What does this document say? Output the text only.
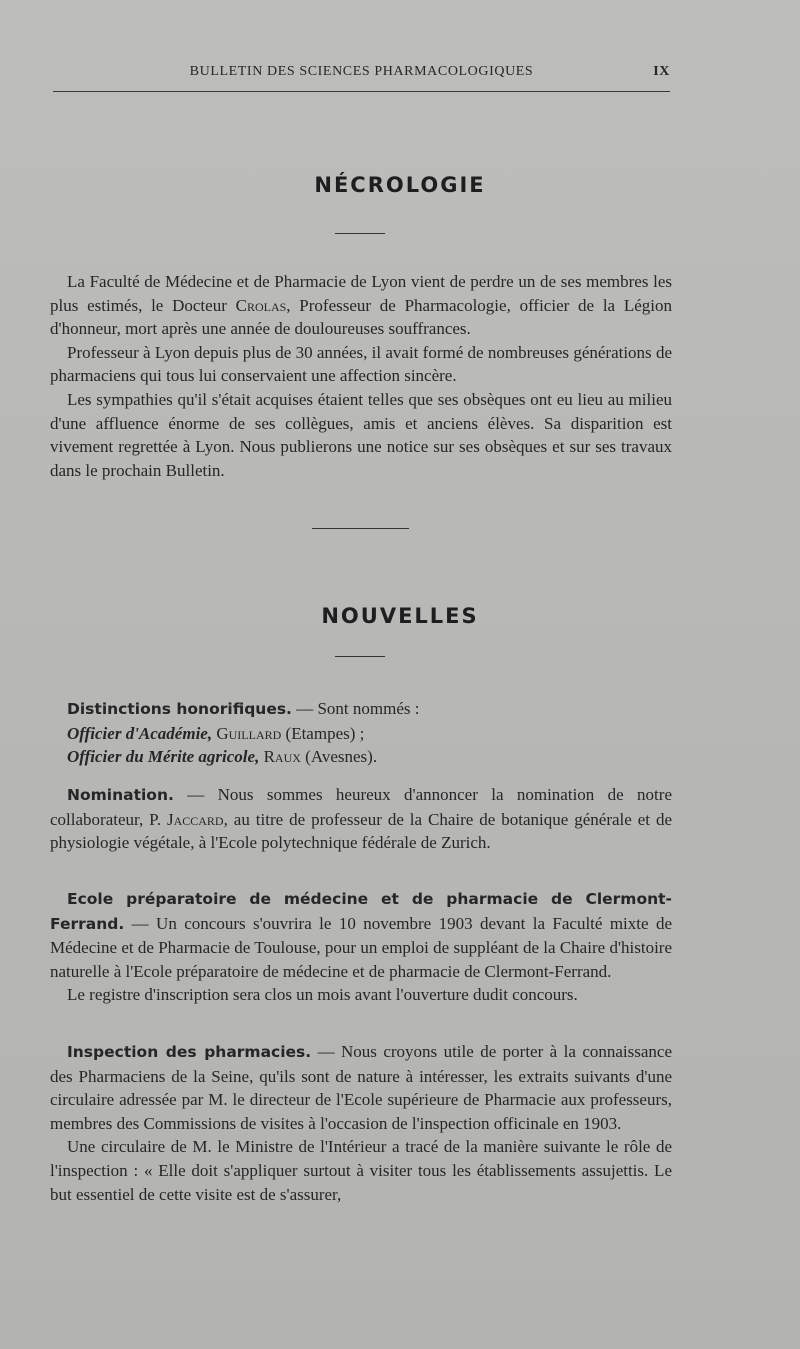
BULLETIN DES SCIENCES PHARMACOLOGIQUES	IX
NÉCROLOGIE

La Faculté de Médecine et de Pharmacie de Lyon vient de perdre un de ses membres les plus estimés, le Docteur Crolas, Professeur de Pharmacologie, officier de la Légion d'honneur, mort après une année de douloureuses souffrances.

Professeur à Lyon depuis plus de 30 années, il avait formé de nombreuses générations de pharmaciens qui tous lui conservaient une affection sincère.

Les sympathies qu'il s'était acquises étaient telles que ses obsèques ont eu lieu au milieu d'une affluence énorme de ses collègues, amis et anciens élèves. Sa disparition est vivement regrettée à Lyon. Nous publierons une notice sur ses obsèques et sur ses travaux dans le prochain Bulletin.

NOUVELLES

Distinctions honorifiques. — Sont nommés :

Officier d'Académie, Guillard (Etampes) ;
Officier du Mérite agricole, Raux (Avesnes).

Nomination. — Nous sommes heureux d'annoncer la nomination de notre collaborateur, P. Jaccard, au titre de professeur de la Chaire de botanique générale et de physiologie végétale, à l'Ecole polytechnique fédérale de Zurich.

Ecole préparatoire de médecine et de pharmacie de Clermont-Ferrand. — Un concours s'ouvrira le 10 novembre 1903 devant la Faculté mixte de Médecine et de Pharmacie de Toulouse, pour un emploi de suppléant de la Chaire d'histoire naturelle à l'Ecole préparatoire de médecine et de pharmacie de Clermont-Ferrand.

Le registre d'inscription sera clos un mois avant l'ouverture dudit concours.

Inspection des pharmacies. — Nous croyons utile de porter à la connaissance des Pharmaciens de la Seine, qu'ils sont de nature à intéresser, les extraits suivants d'une circulaire adressée par M. le directeur de l'Ecole supérieure de Pharmacie aux professeurs, membres des Commissions de visites à l'occasion de l'inspection officinale en 1903.

Une circulaire de M. le Ministre de l'Intérieur a tracé de la manière suivante le rôle de l'inspection : « Elle doit s'appliquer surtout à visiter tous les établissements assujettis. Le but essentiel de cette visite est de s'assurer,
